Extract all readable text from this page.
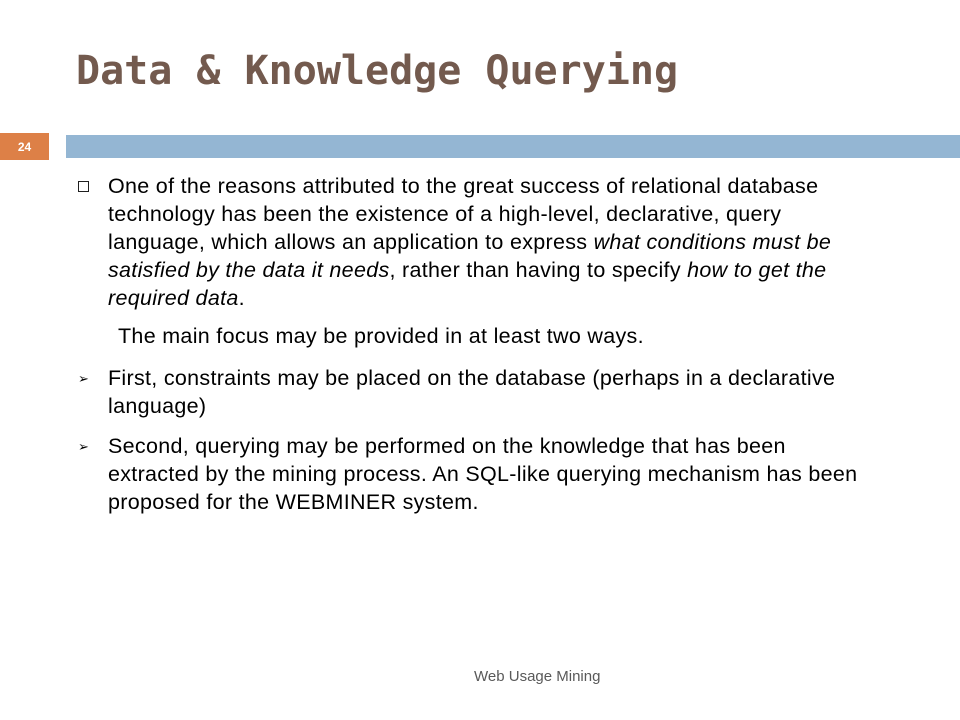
Data & Knowledge Querying
24

One of the reasons attributed to the great success of relational database technology has been the existence of a high-level, declarative, query language, which allows an application to express what conditions must be satisfied by the data it needs, rather than having to specify how to get the required data.

The main focus may be provided in at least two ways.

➢ First, constraints may be placed on the database (perhaps in a declarative language)

➢ Second, querying may be performed on the knowledge that has been extracted by the mining process. An SQL-like querying mechanism has been proposed for the WEBMINER system.

Web Usage Mining
